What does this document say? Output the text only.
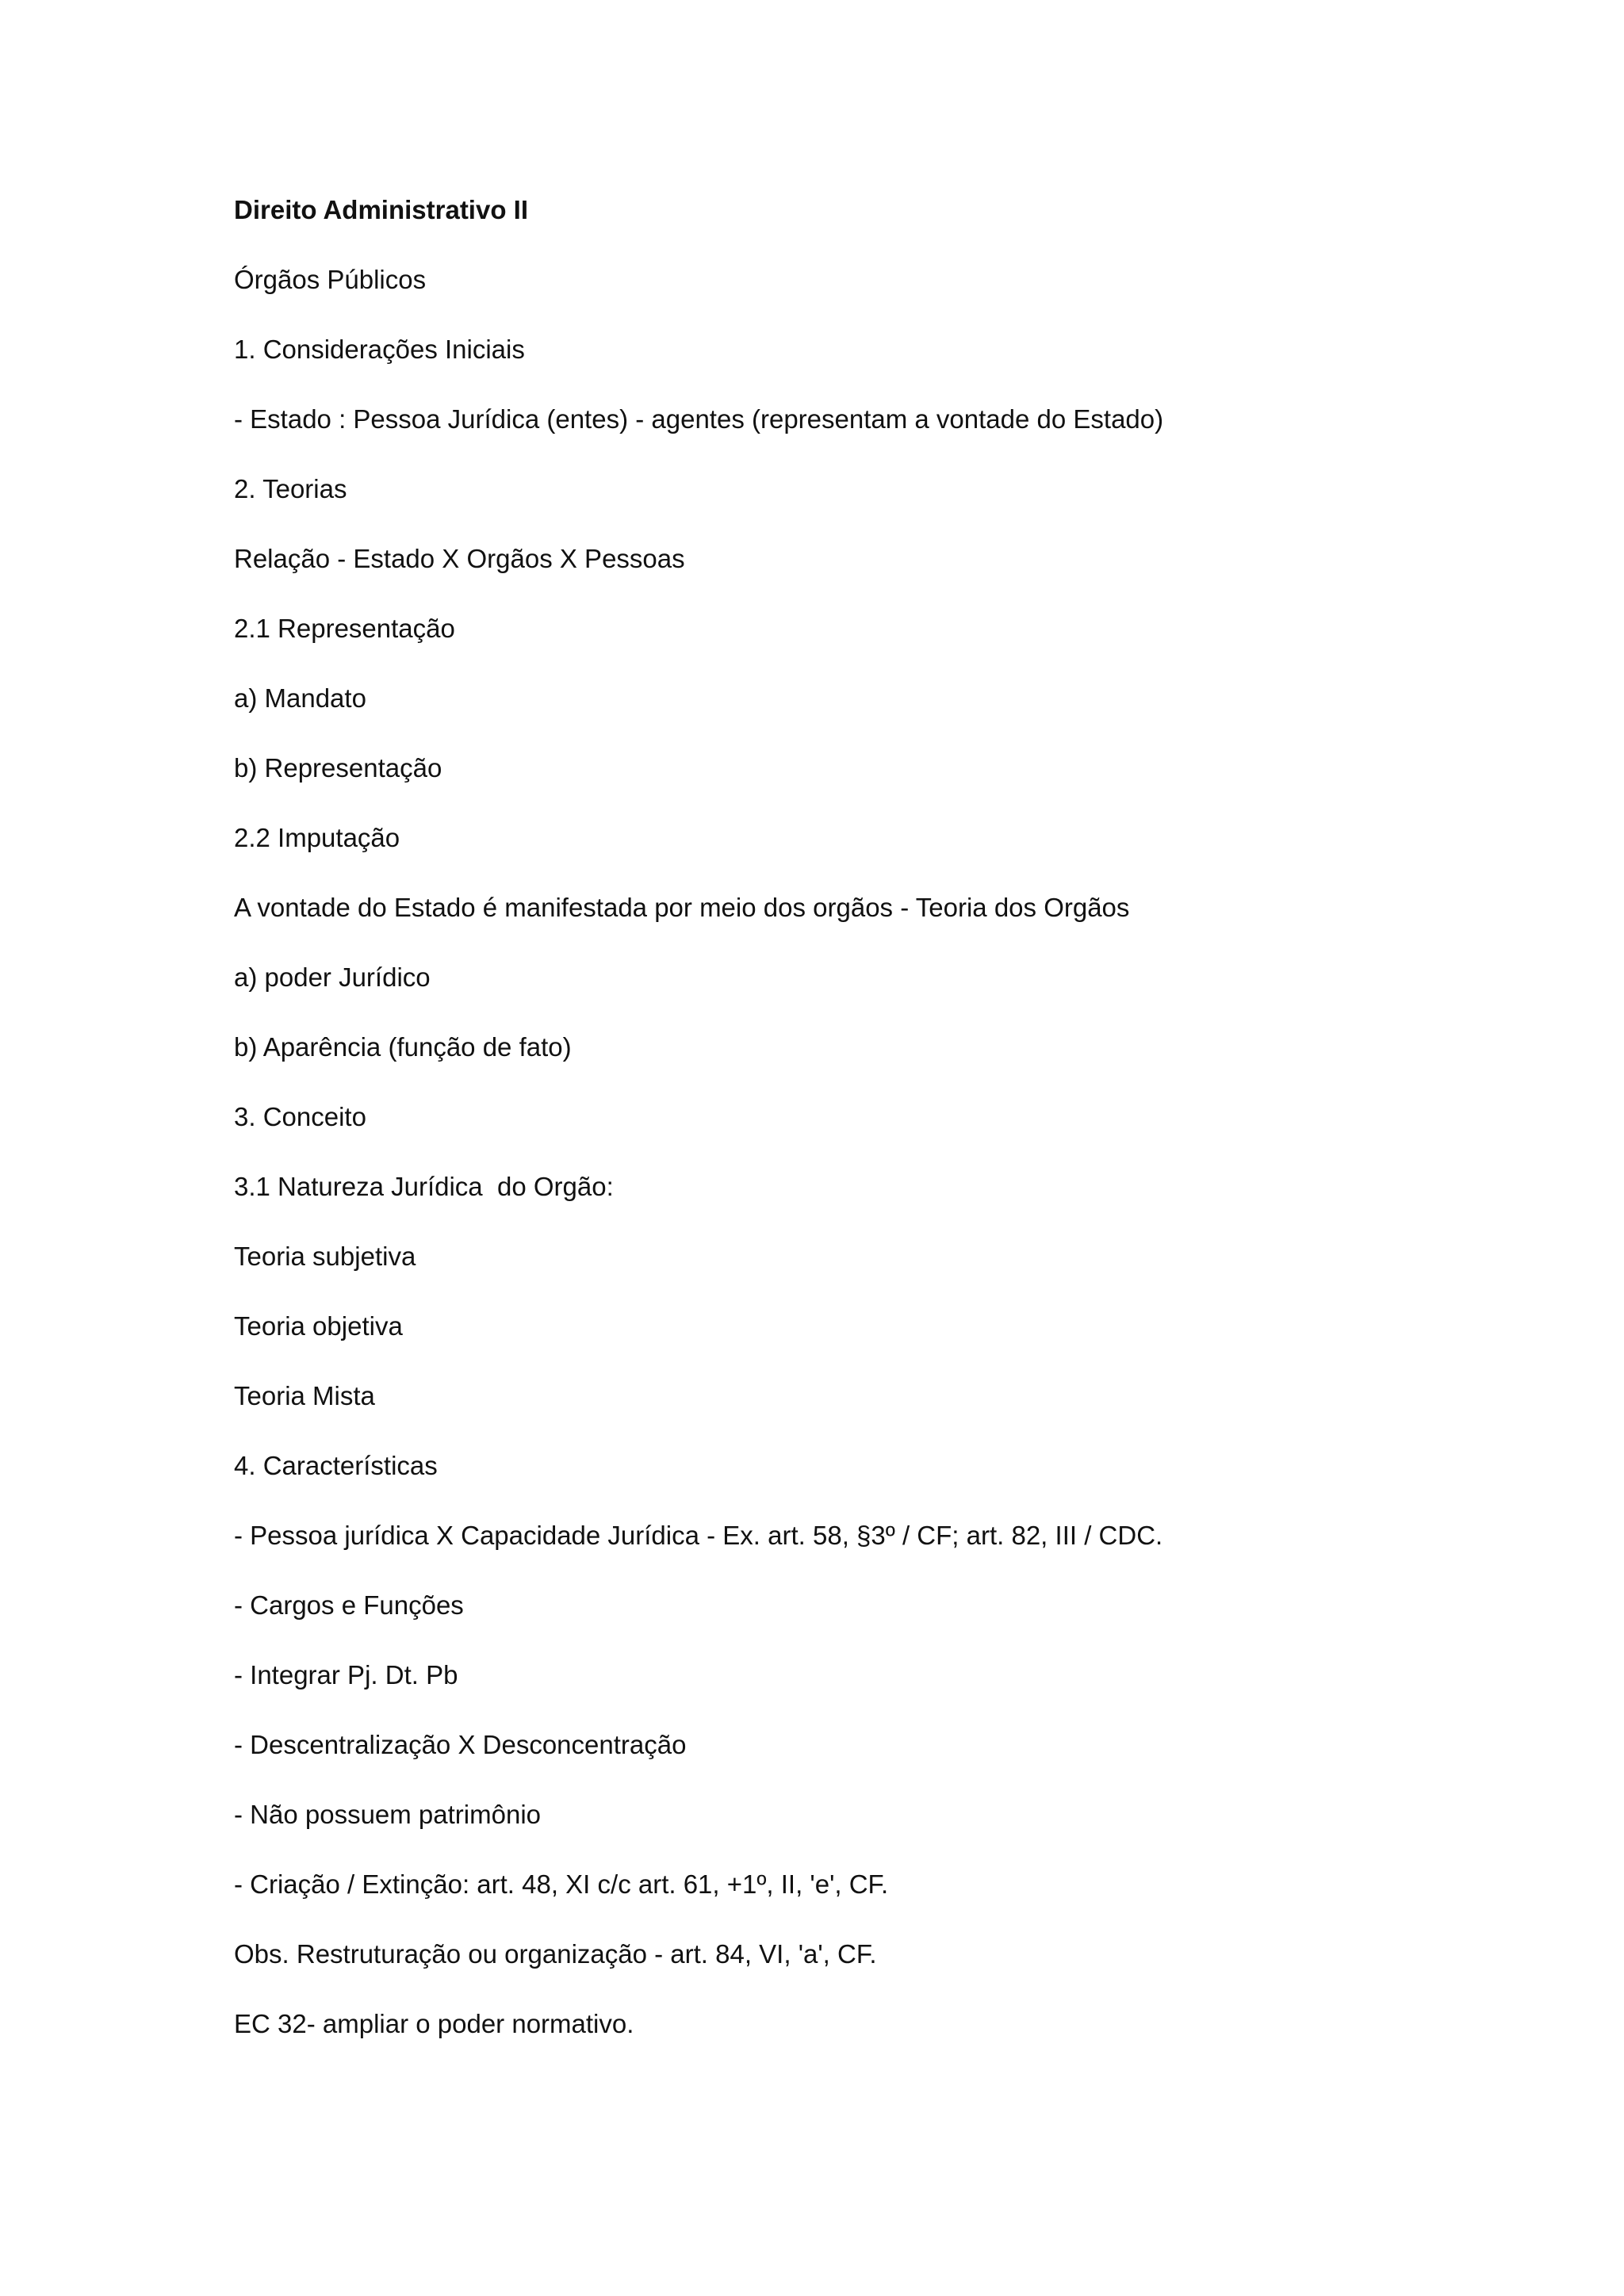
Direito Administrativo II
Órgãos Públicos
1. Considerações Iniciais
- Estado : Pessoa Jurídica (entes) - agentes (representam a vontade do Estado)
2. Teorias
Relação - Estado X Orgãos X Pessoas
2.1 Representação
a) Mandato
b) Representação
2.2 Imputação
A vontade do Estado é manifestada por meio dos orgãos - Teoria dos Orgãos
a) poder Jurídico
b) Aparência (função de fato)
3. Conceito
3.1 Natureza Jurídica  do Orgão:
Teoria subjetiva
Teoria objetiva
Teoria Mista
4. Características
- Pessoa jurídica X Capacidade Jurídica - Ex. art. 58, §3º / CF; art. 82, III / CDC.
- Cargos e Funções
- Integrar Pj. Dt. Pb
- Descentralização X Desconcentração
- Não possuem patrimônio
- Criação / Extinção: art. 48, XI c/c art. 61, +1º, II, 'e', CF.
Obs. Restruturação ou organização - art. 84, VI, 'a', CF.
EC 32- ampliar o poder normativo.
